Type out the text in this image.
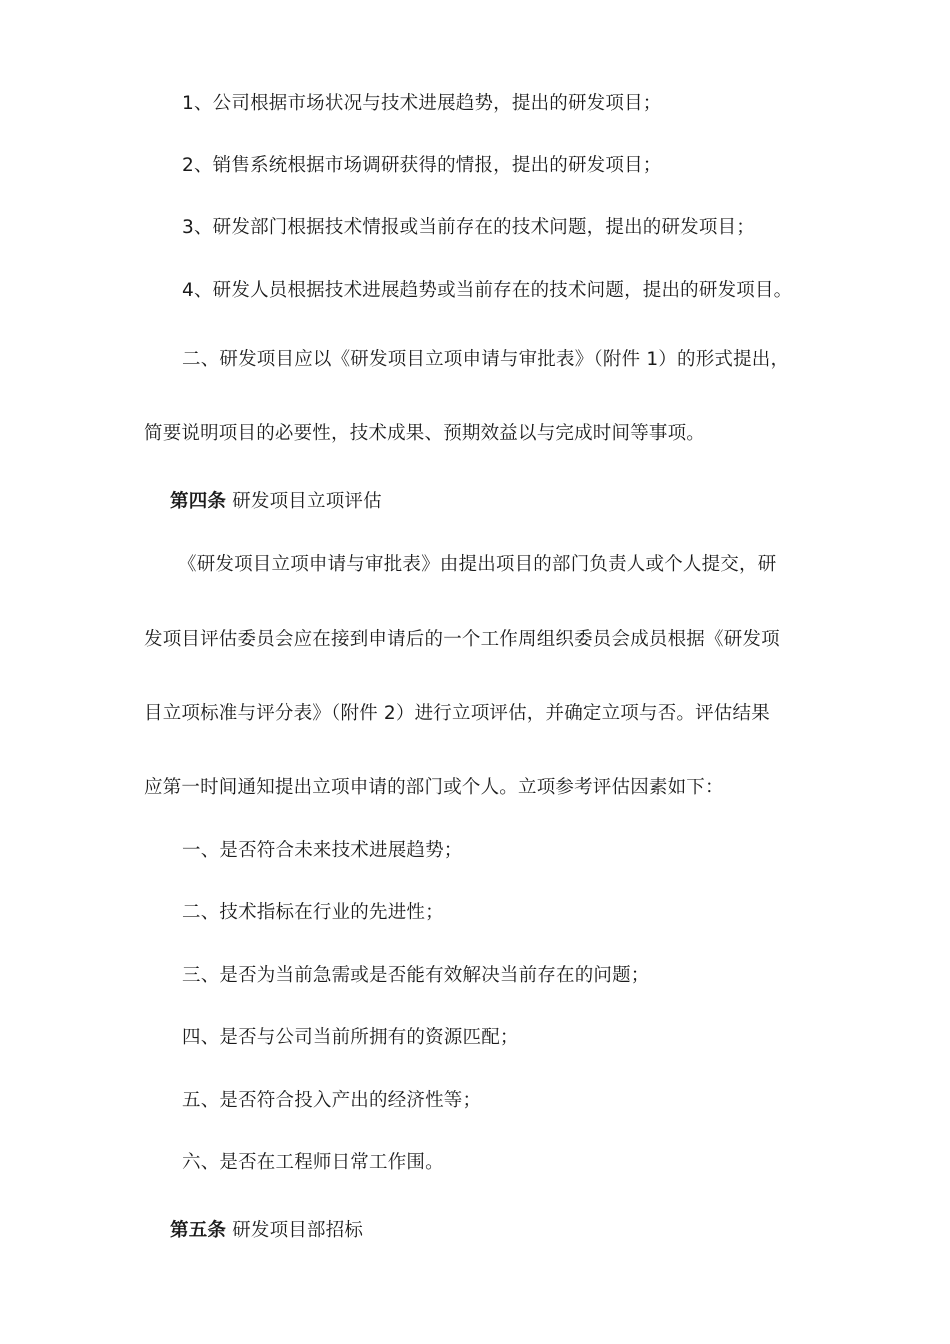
1、公司根据市场状况与技术进展趋势，提出的研发项目；
2、销售系统根据市场调研获得的情报，提出的研发项目；
3、研发部门根据技术情报或当前存在的技术问题，提出的研发项目；
4、研发人员根据技术进展趋势或当前存在的技术问题，提出的研发项目。
二、研发项目应以《研发项目立项申请与审批表》（附件 1）的形式提出，
简要说明项目的必要性，技术成果、预期效益以与完成时间等事项。
第四条 研发项目立项评估
《研发项目立项申请与审批表》由提出项目的部门负责人或个人提交，研
发项目评估委员会应在接到申请后的一个工作周组织委员会成员根据《研发项
目立项标准与评分表》（附件 2）进行立项评估，并确定立项与否。评估结果
应第一时间通知提出立项申请的部门或个人。立项参考评估因素如下：
一、是否符合未来技术进展趋势；
二、技术指标在行业的先进性；
三、是否为当前急需或是否能有效解决当前存在的问题；
四、是否与公司当前所拥有的资源匹配；
五、是否符合投入产出的经济性等；
六、是否在工程师日常工作围。
第五条 研发项目部招标
